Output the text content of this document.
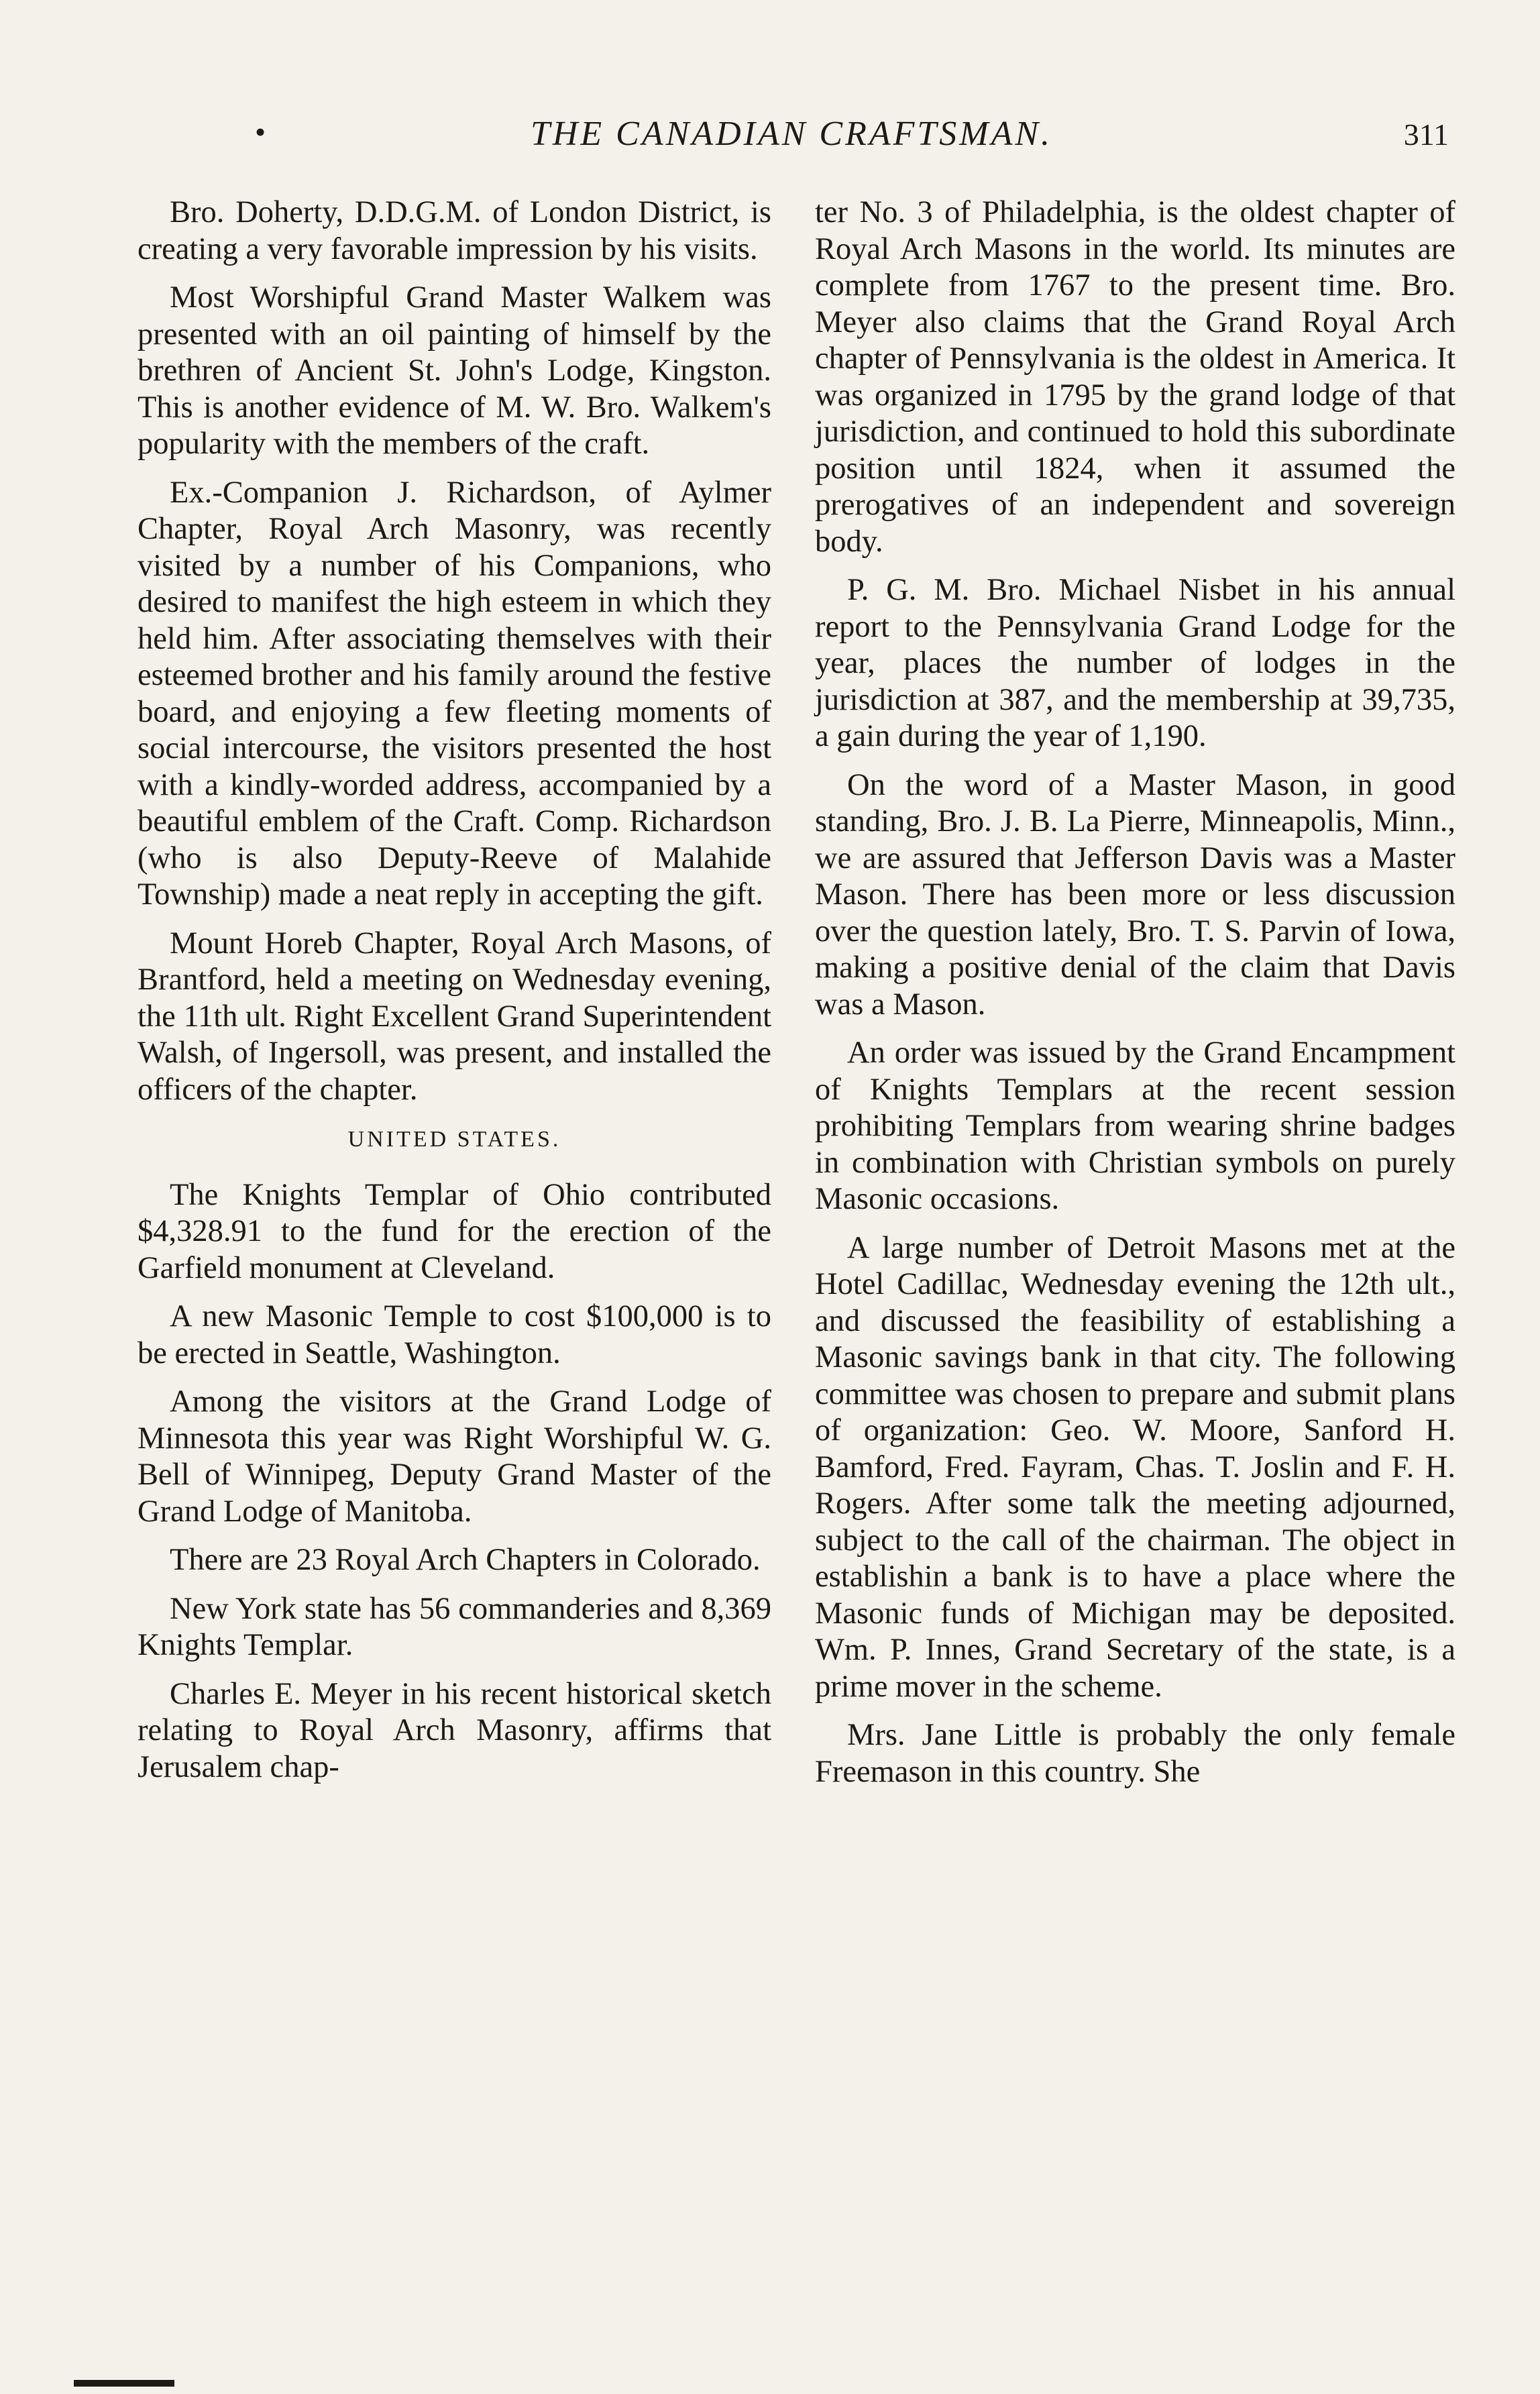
•	THE CANADIAN CRAFTSMAN.	311

Bro. Doherty, D.D.G.M. of London District, is creating a very favorable impression by his visits.

Most Worshipful Grand Master Walkem was presented with an oil painting of himself by the brethren of Ancient St. John's Lodge, Kingston. This is another evidence of M. W. Bro. Walkem's popularity with the members of the craft.

Ex.-Companion J. Richardson, of Aylmer Chapter, Royal Arch Masonry, was recently visited by a number of his Companions, who desired to manifest the high esteem in which they held him. After associating themselves with their esteemed brother and his family around the festive board, and enjoying a few fleeting moments of social intercourse, the visitors presented the host with a kindly-worded address, accompanied by a beautiful emblem of the Craft. Comp. Richardson (who is also Deputy-Reeve of Malahide Township) made a neat reply in accepting the gift.

Mount Horeb Chapter, Royal Arch Masons, of Brantford, held a meeting on Wednesday evening, the 11th ult. Right Excellent Grand Superintendent Walsh, of Ingersoll, was present, and installed the officers of the chapter.

UNITED STATES.

The Knights Templar of Ohio contributed $4,328.91 to the fund for the erection of the Garfield monument at Cleveland.

A new Masonic Temple to cost $100,000 is to be erected in Seattle, Washington.

Among the visitors at the Grand Lodge of Minnesota this year was Right Worshipful W. G. Bell of Winnipeg, Deputy Grand Master of the Grand Lodge of Manitoba.

There are 23 Royal Arch Chapters in Colorado.

New York state has 56 commanderies and 8,369 Knights Templar.

Charles E. Meyer in his recent historical sketch relating to Royal Arch Masonry, affirms that Jerusalem chap-

ter No. 3 of Philadelphia, is the oldest chapter of Royal Arch Masons in the world. Its minutes are complete from 1767 to the present time. Bro. Meyer also claims that the Grand Royal Arch chapter of Pennsylvania is the oldest in America. It was organized in 1795 by the grand lodge of that jurisdiction, and continued to hold this subordinate position until 1824, when it assumed the prerogatives of an independent and sovereign body.

P. G. M. Bro. Michael Nisbet in his annual report to the Pennsylvania Grand Lodge for the year, places the number of lodges in the jurisdiction at 387, and the membership at 39,735, a gain during the year of 1,190.

On the word of a Master Mason, in good standing, Bro. J. B. La Pierre, Minneapolis, Minn., we are assured that Jefferson Davis was a Master Mason. There has been more or less discussion over the question lately, Bro. T. S. Parvin of Iowa, making a positive denial of the claim that Davis was a Mason.

An order was issued by the Grand Encampment of Knights Templars at the recent session prohibiting Templars from wearing shrine badges in combination with Christian symbols on purely Masonic occasions.

A large number of Detroit Masons met at the Hotel Cadillac, Wednesday evening the 12th ult., and discussed the feasibility of establishing a Masonic savings bank in that city. The following committee was chosen to prepare and submit plans of organization: Geo. W. Moore, Sanford H. Bamford, Fred. Fayram, Chas. T. Joslin and F. H. Rogers. After some talk the meeting adjourned, subject to the call of the chairman. The object in establishin a bank is to have a place where the Masonic funds of Michigan may be deposited. Wm. P. Innes, Grand Secretary of the state, is a prime mover in the scheme.

Mrs. Jane Little is probably the only female Freemason in this country. She
